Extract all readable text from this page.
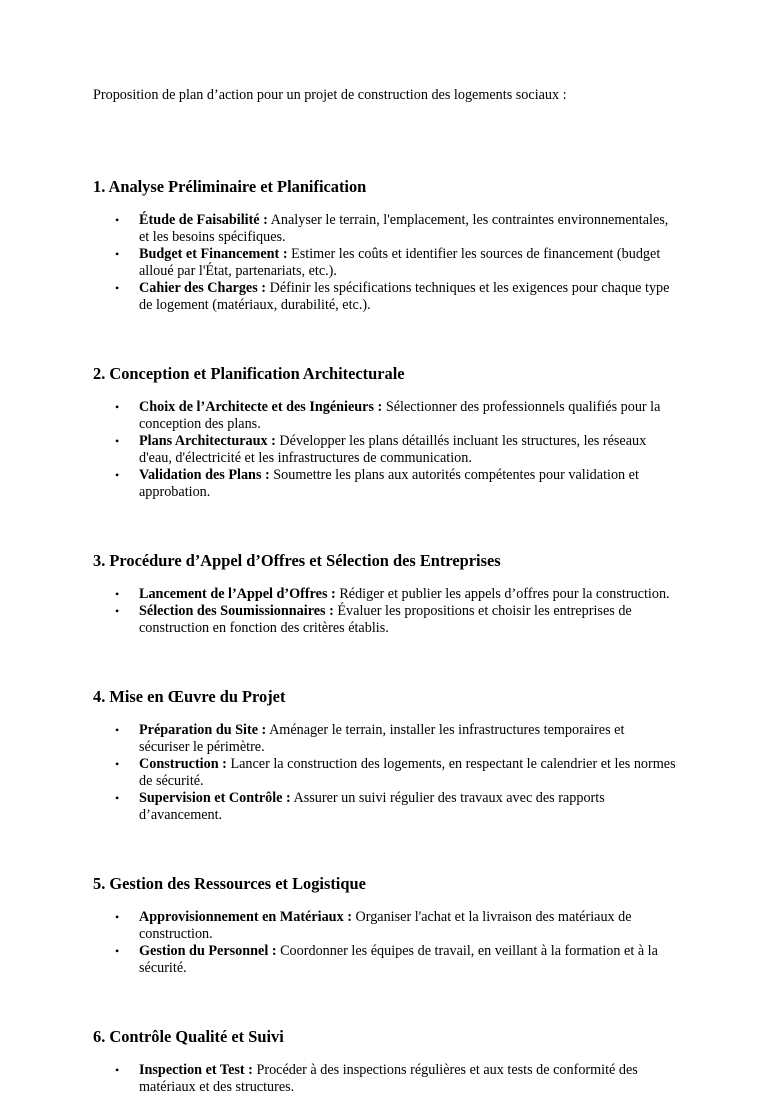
Proposition de plan d’action pour un projet de construction des logements sociaux :

1. Analyse Préliminaire et Planification
• Étude de Faisabilité : Analyser le terrain, l'emplacement, les contraintes environnementales, et les besoins spécifiques.
• Budget et Financement : Estimer les coûts et identifier les sources de financement (budget alloué par l'État, partenariats, etc.).
• Cahier des Charges : Définir les spécifications techniques et les exigences pour chaque type de logement (matériaux, durabilité, etc.).
2. Conception et Planification Architecturale
• Choix de l’Architecte et des Ingénieurs : Sélectionner des professionnels qualifiés pour la conception des plans.
• Plans Architecturaux : Développer les plans détaillés incluant les structures, les réseaux d'eau, d'électricité et les infrastructures de communication.
• Validation des Plans : Soumettre les plans aux autorités compétentes pour validation et approbation.
3. Procédure d’Appel d’Offres et Sélection des Entreprises
• Lancement de l’Appel d’Offres : Rédiger et publier les appels d’offres pour la construction.
• Sélection des Soumissionnaires : Évaluer les propositions et choisir les entreprises de construction en fonction des critères établis.
4. Mise en Œuvre du Projet
• Préparation du Site : Aménager le terrain, installer les infrastructures temporaires et sécuriser le périmètre.
• Construction : Lancer la construction des logements, en respectant le calendrier et les normes de sécurité.
• Supervision et Contrôle : Assurer un suivi régulier des travaux avec des rapports d’avancement.
5. Gestion des Ressources et Logistique
• Approvisionnement en Matériaux : Organiser l'achat et la livraison des matériaux de construction.
• Gestion du Personnel : Coordonner les équipes de travail, en veillant à la formation et à la sécurité.
6. Contrôle Qualité et Suivi
• Inspection et Test : Procéder à des inspections régulières et aux tests de conformité des matériaux et des structures.
